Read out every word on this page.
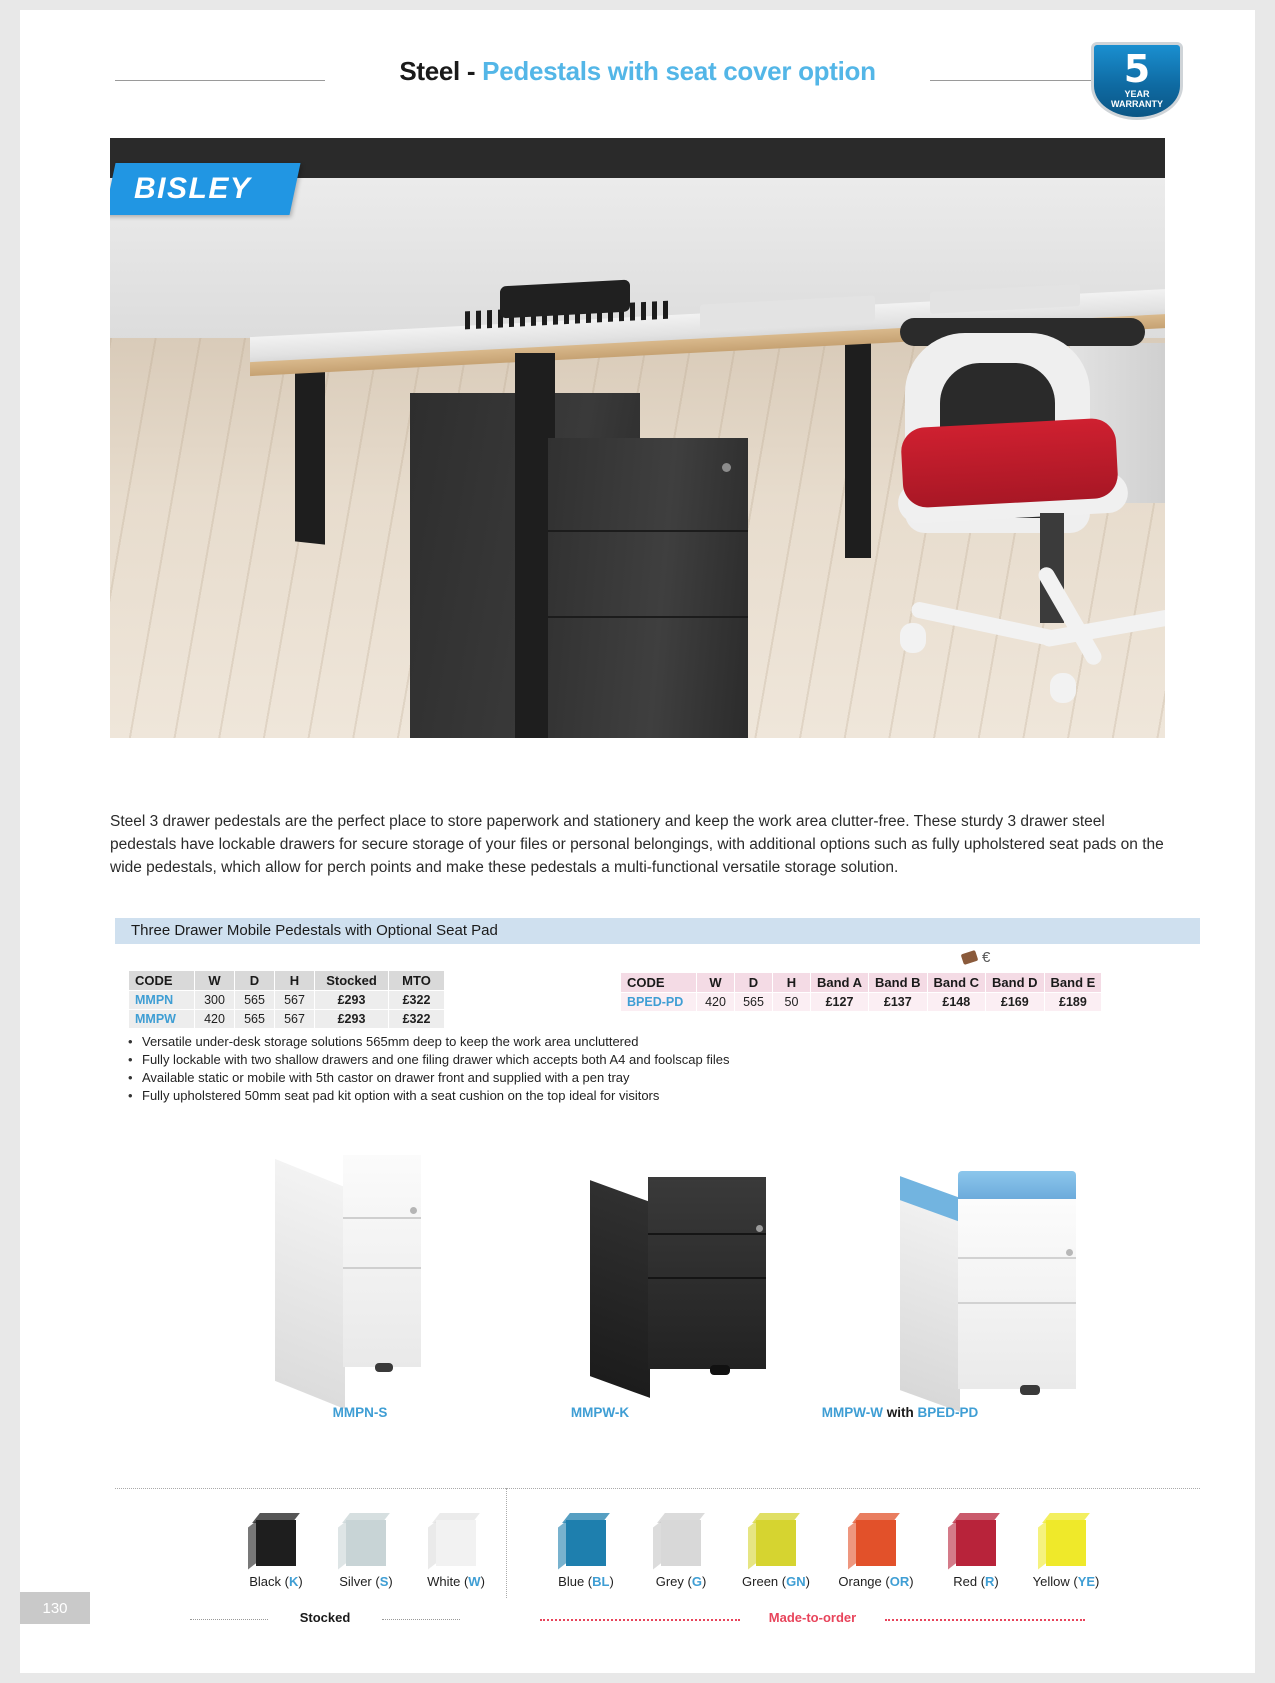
Steel - Pedestals with seat cover option	5
YEAR
WARRANTY
BISLEY
Steel 3 drawer pedestals are the perfect place to store paperwork and stationery and keep the work area clutter-free. These sturdy 3 drawer steel pedestals have lockable drawers for secure storage of your files or personal belongings, with additional options such as fully upholstered seat pads on the wide pedestals, which allow for perch points and make these pedestals a multi-functional versatile storage solution.
Three Drawer Mobile Pedestals with Optional Seat Pad
CODE	W	D	H	Stocked	MTO
MMPN	300	565	567	£293	£322
MMPW	420	565	567	£293	£322
€
CODE	W	D	H	Band A	Band B	Band C	Band D	Band E
BPED-PD	420	565	50	£127	£137	£148	£169	£189
• Versatile under-desk storage solutions 565mm deep to keep the work area uncluttered
• Fully lockable with two shallow drawers and one filing drawer which accepts both A4 and foolscap files
• Available static or mobile with 5th castor on drawer front and supplied with a pen tray
• Fully upholstered 50mm seat pad kit option with a seat cushion on the top ideal for visitors
MMPN-S	MMPW-K	MMPW-W with BPED-PD
Black (K)	Silver (S)	White (W)	Blue (BL)	Grey (G)	Green (GN)	Orange (OR)	Red (R)	Yellow (YE)
Stocked	Made-to-order
130
